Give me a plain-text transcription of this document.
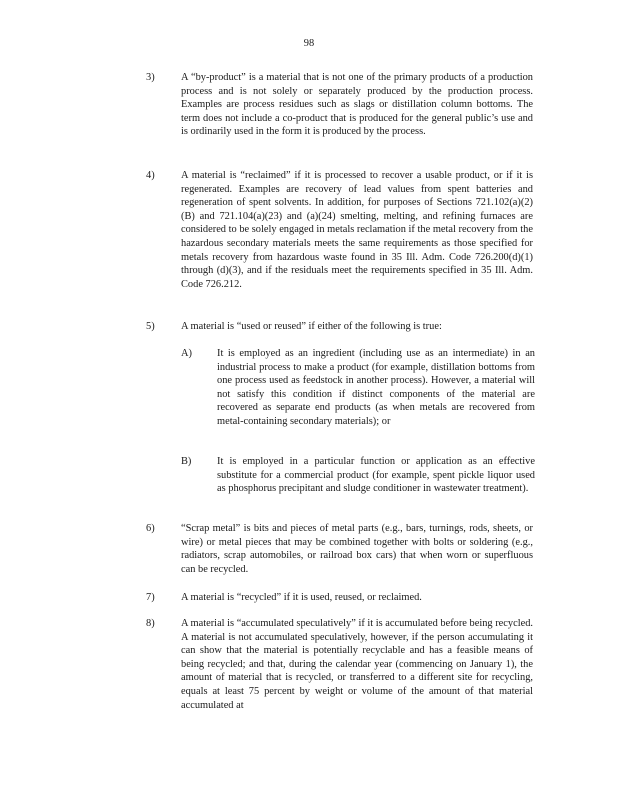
98
3)	A “by-product” is a material that is not one of the primary products of a production process and is not solely or separately produced by the production process. Examples are process residues such as slags or distillation column bottoms. The term does not include a co-product that is produced for the general public’s use and is ordinarily used in the form it is produced by the process.

4)	A material is “reclaimed” if it is processed to recover a usable product, or if it is regenerated. Examples are recovery of lead values from spent batteries and regeneration of spent solvents. In addition, for purposes of Sections 721.102(a)(2)(B) and 721.104(a)(23) and (a)(24) smelting, melting, and refining furnaces are considered to be solely engaged in metals reclamation if the metal recovery from the hazardous secondary materials meets the same requirements as those specified for metals recovery from hazardous waste found in 35 Ill. Adm. Code 726.200(d)(1) through (d)(3), and if the residuals meet the requirements specified in 35 Ill. Adm. Code 726.212.

5)	A material is “used or reused” if either of the following is true:

A) It is employed as an ingredient (including use as an intermediate) in an industrial process to make a product (for example, distillation bottoms from one process used as feedstock in another process). However, a material will not satisfy this condition if distinct components of the material are recovered as separate end products (as when metals are recovered from metal-containing secondary materials); or

B) It is employed in a particular function or application as an effective substitute for a commercial product (for example, spent pickle liquor used as phosphorus precipitant and sludge conditioner in wastewater treatment).

6)	“Scrap metal” is bits and pieces of metal parts (e.g., bars, turnings, rods, sheets, or wire) or metal pieces that may be combined together with bolts or soldering (e.g., radiators, scrap automobiles, or railroad box cars) that when worn or superfluous can be recycled.

7)	A material is “recycled” if it is used, reused, or reclaimed.

8)	A material is “accumulated speculatively” if it is accumulated before being recycled. A material is not accumulated speculatively, however, if the person accumulating it can show that the material is potentially recyclable and has a feasible means of being recycled; and that, during the calendar year (commencing on January 1), the amount of material that is recycled, or transferred to a different site for recycling, equals at least 75 percent by weight or volume of the amount of that material accumulated at
